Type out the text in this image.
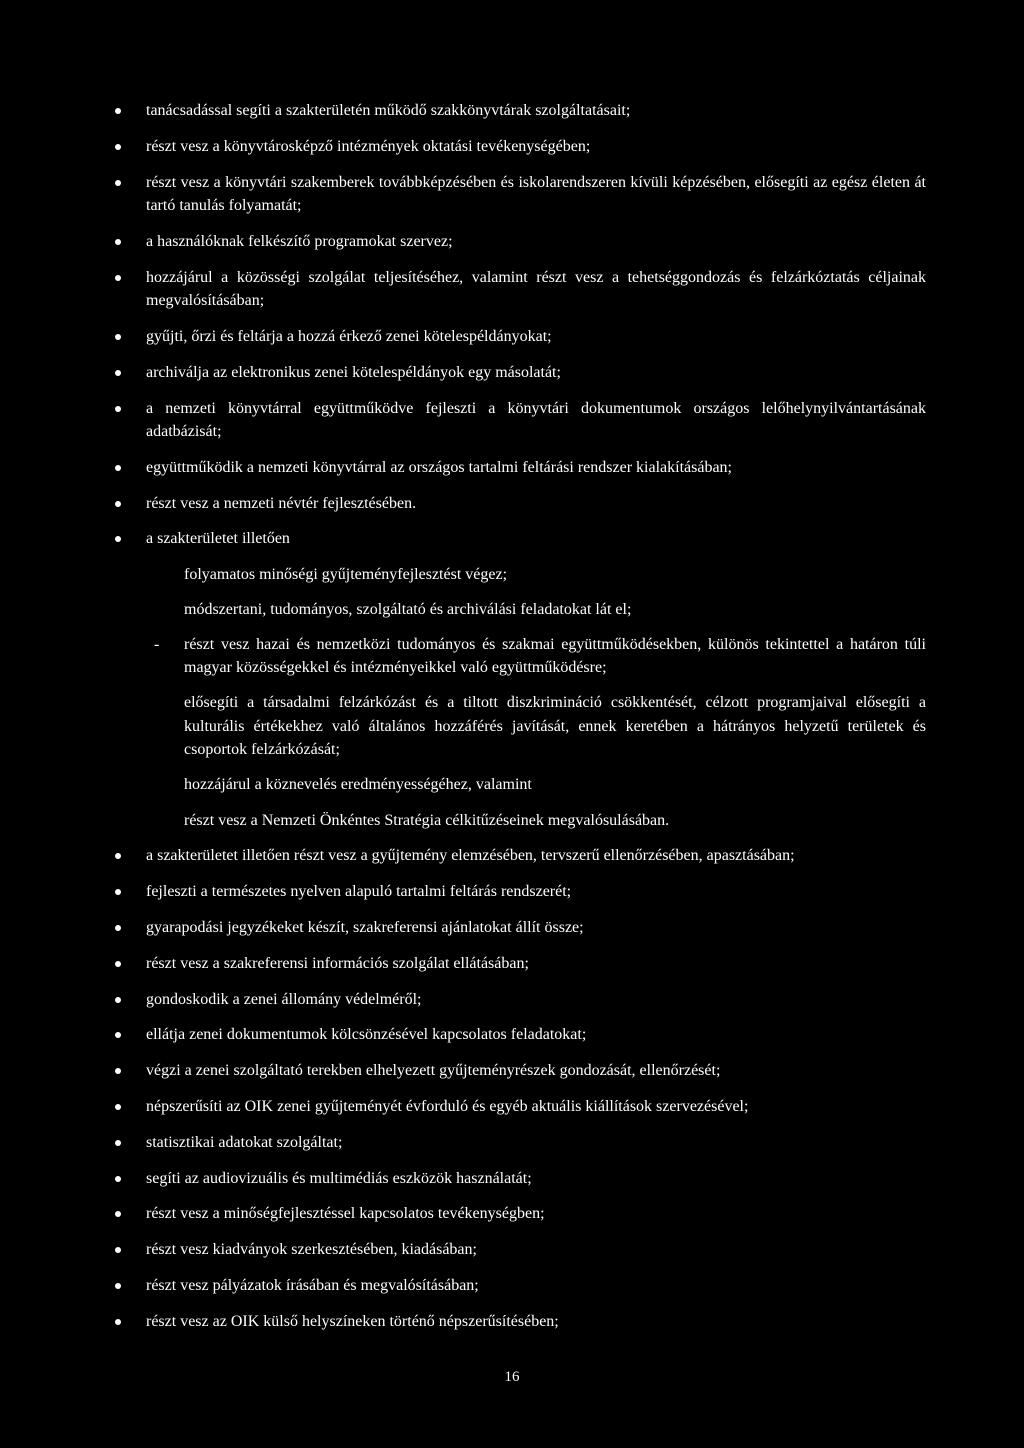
tanácsadással segíti a szakterületén működő szakkönyvtárak szolgáltatásait;
részt vesz a könyvtárosképző intézmények oktatási tevékenységében;
részt vesz a könyvtári szakemberek továbbképzésében és iskolarendszeren kívüli képzésében, elősegíti az egész életen át tartó tanulás folyamatát;
a használóknak felkészítő programokat szervez;
hozzájárul a közösségi szolgálat teljesítéséhez, valamint részt vesz a tehetséggondozás és felzárkóztatás céljainak megvalósításában;
gyűjti, őrzi és feltárja a hozzá érkező zenei kötelespéldányokat;
archiválja az elektronikus zenei kötelespéldányok egy másolatát;
a nemzeti könyvtárral együttműködve fejleszti a könyvtári dokumentumok országos lelőhelynyilvántartásának adatbázisát;
együttműködik a nemzeti könyvtárral az országos tartalmi feltárási rendszer kialakításában;
részt vesz a nemzeti névtér fejlesztésében.
a szakterületet illetően
folyamatos minőségi gyűjteményfejlesztést végez;
módszertani, tudományos, szolgáltató és archiválási feladatokat lát el;
- részt vesz hazai és nemzetközi tudományos és szakmai együttműködésekben, különös tekintettel a határon túli magyar közösségekkel és intézményeikkel való együttműködésre;
elősegíti a társadalmi felzárkózást és a tiltott diszkrimináció csökkentését, célzott programjaival elősegíti a kulturális értékekhez való általános hozzáférés javítását, ennek keretében a hátrányos helyzetű területek és csoportok felzárkózását;
hozzájárul a köznevelés eredményességéhez, valamint
részt vesz a Nemzeti Önkéntes Stratégia célkitűzéseinek megvalósulásában.
a szakterületet illetően részt vesz a gyűjtemény elemzésében, tervszerű ellenőrzésében, apasztásában;
fejleszti a természetes nyelven alapuló tartalmi feltárás rendszerét;
gyarapodási jegyzékeket készít, szakreferensi ajánlatokat állít össze;
részt vesz a szakreferensi információs szolgálat ellátásában;
gondoskodik a zenei állomány védelméről;
ellátja zenei dokumentumok kölcsönzésével kapcsolatos feladatokat;
végzi a zenei szolgáltató terekben elhelyezett gyűjteményrészek gondozását, ellenőrzését;
népszerűsíti az OIK zenei gyűjteményét évforduló és egyéb aktuális kiállítások szervezésével;
statisztikai adatokat szolgáltat;
segíti az audiovizuális és multimédiás eszközök használatát;
részt vesz a minőségfejlesztéssel kapcsolatos tevékenységben;
részt vesz kiadványok szerkesztésében, kiadásában;
részt vesz pályázatok írásában és megvalósításában;
részt vesz az OIK külső helyszíneken történő népszerűsítésében;
16
